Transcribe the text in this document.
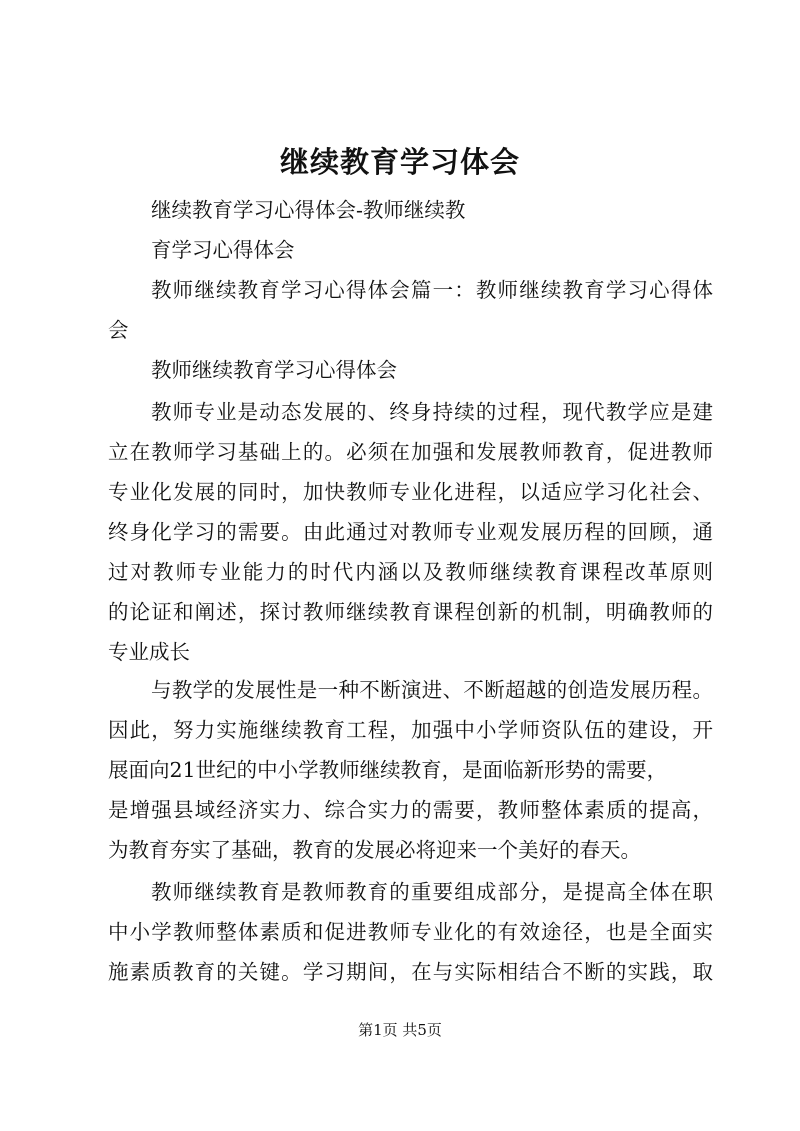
继续教育学习体会
继续教育学习心得体会-教师继续教
育学习心得体会
教师继续教育学习心得体会篇一：教师继续教育学习心得体
会
教师继续教育学习心得体会
教师专业是动态发展的、终身持续的过程，现代教学应是建
立在教师学习基础上的。必须在加强和发展教师教育，促进教师
专业化发展的同时，加快教师专业化进程，以适应学习化社会、
终身化学习的需要。由此通过对教师专业观发展历程的回顾，通
过对教师专业能力的时代内涵以及教师继续教育课程改革原则
的论证和阐述，探讨教师继续教育课程创新的机制，明确教师的
专业成长
与教学的发展性是一种不断演进、不断超越的创造发展历程。
因此，努力实施继续教育工程，加强中小学师资队伍的建设，开
展面向21世纪的中小学教师继续教育，是面临新形势的需要，
是增强县域经济实力、综合实力的需要，教师整体素质的提高，
为教育夯实了基础，教育的发展必将迎来一个美好的春天。
教师继续教育是教师教育的重要组成部分，是提高全体在职
中小学教师整体素质和促进教师专业化的有效途径，也是全面实
施素质教育的关键。学习期间，在与实际相结合不断的实践，取
第1页 共5页
